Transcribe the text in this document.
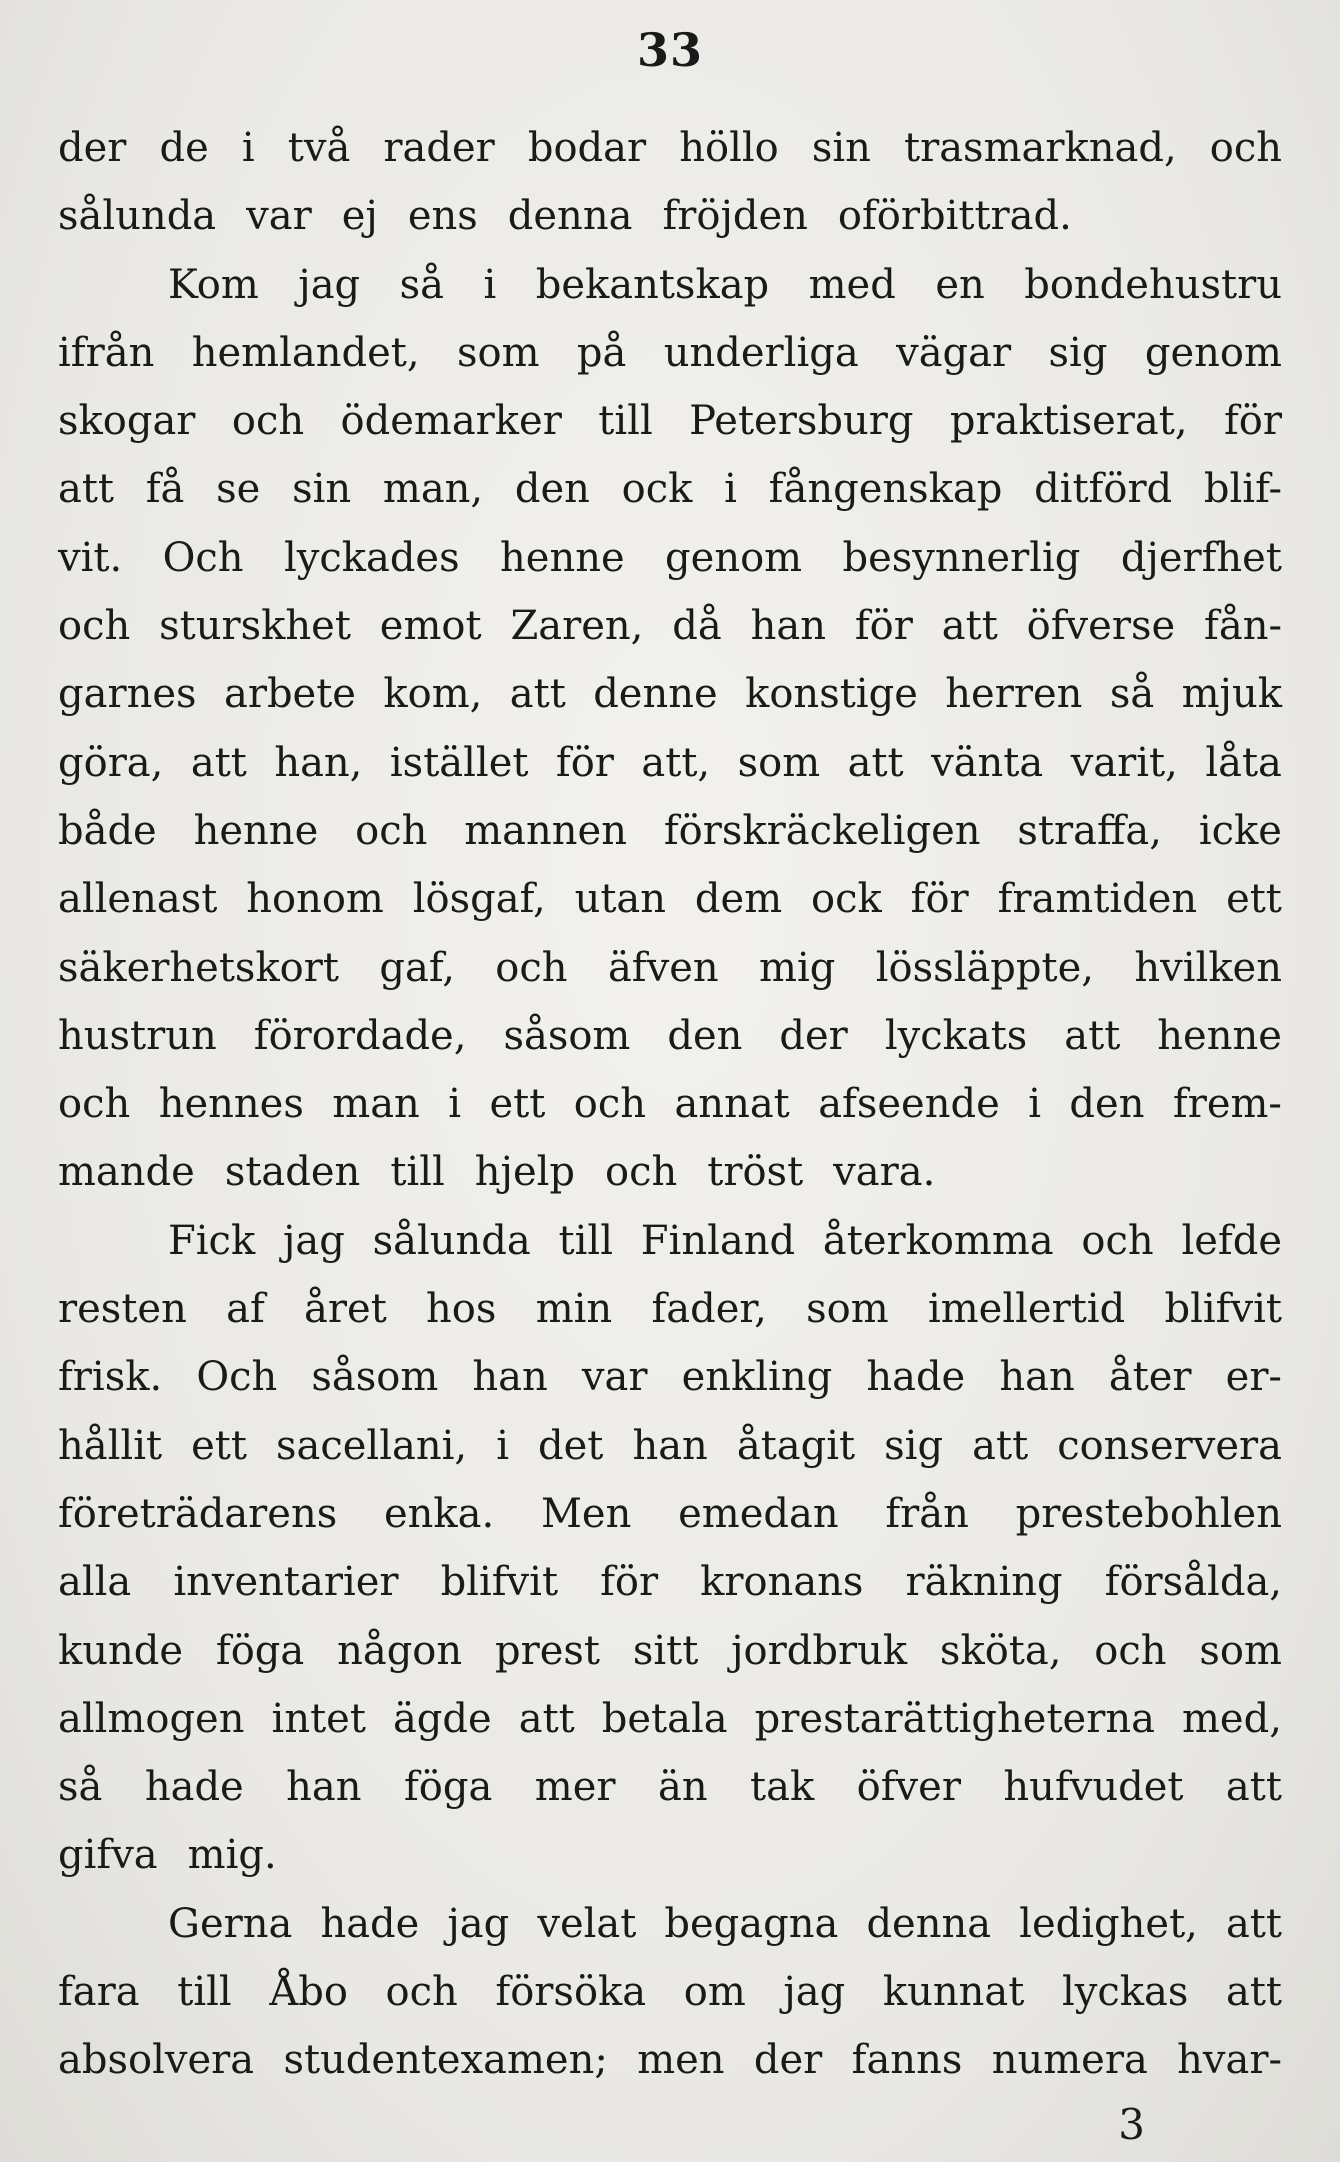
33
der de i två rader bodar höllo sin trasmarknad, och
sålunda var ej ens denna fröjden oförbittrad.
Kom jag så i bekantskap med en bondehustru
ifrån hemlandet, som på underliga vägar sig genom
skogar och ödemarker till Petersburg praktiserat, för
att få se sin man, den ock i fångenskap ditförd blif-
vit. Och lyckades henne genom besynnerlig djerfhet
och sturskhet emot Zaren, då han för att öfverse fån-
garnes arbete kom, att denne konstige herren så mjuk
göra, att han, istället för att, som att vänta varit, låta
både henne och mannen förskräckeligen straffa, icke
allenast honom lösgaf, utan dem ock för framtiden ett
säkerhetskort gaf, och äfven mig lössläppte, hvilken
hustrun förordade, såsom den der lyckats att henne
och hennes man i ett och annat afseende i den frem-
mande staden till hjelp och tröst vara.
Fick jag sålunda till Finland återkomma och lefde
resten af året hos min fader, som imellertid blifvit
frisk. Och såsom han var enkling hade han åter er-
hållit ett sacellani, i det han åtagit sig att conservera
företrädarens enka. Men emedan från prestebohlen
alla inventarier blifvit för kronans räkning försålda,
kunde föga någon prest sitt jordbruk sköta, och som
allmogen intet ägde att betala prestarättigheterna med,
så hade han föga mer än tak öfver hufvudet att
gifva mig.
Gerna hade jag velat begagna denna ledighet, att
fara till Åbo och försöka om jag kunnat lyckas att
absolvera studentexamen; men der fanns numera hvar-
3
